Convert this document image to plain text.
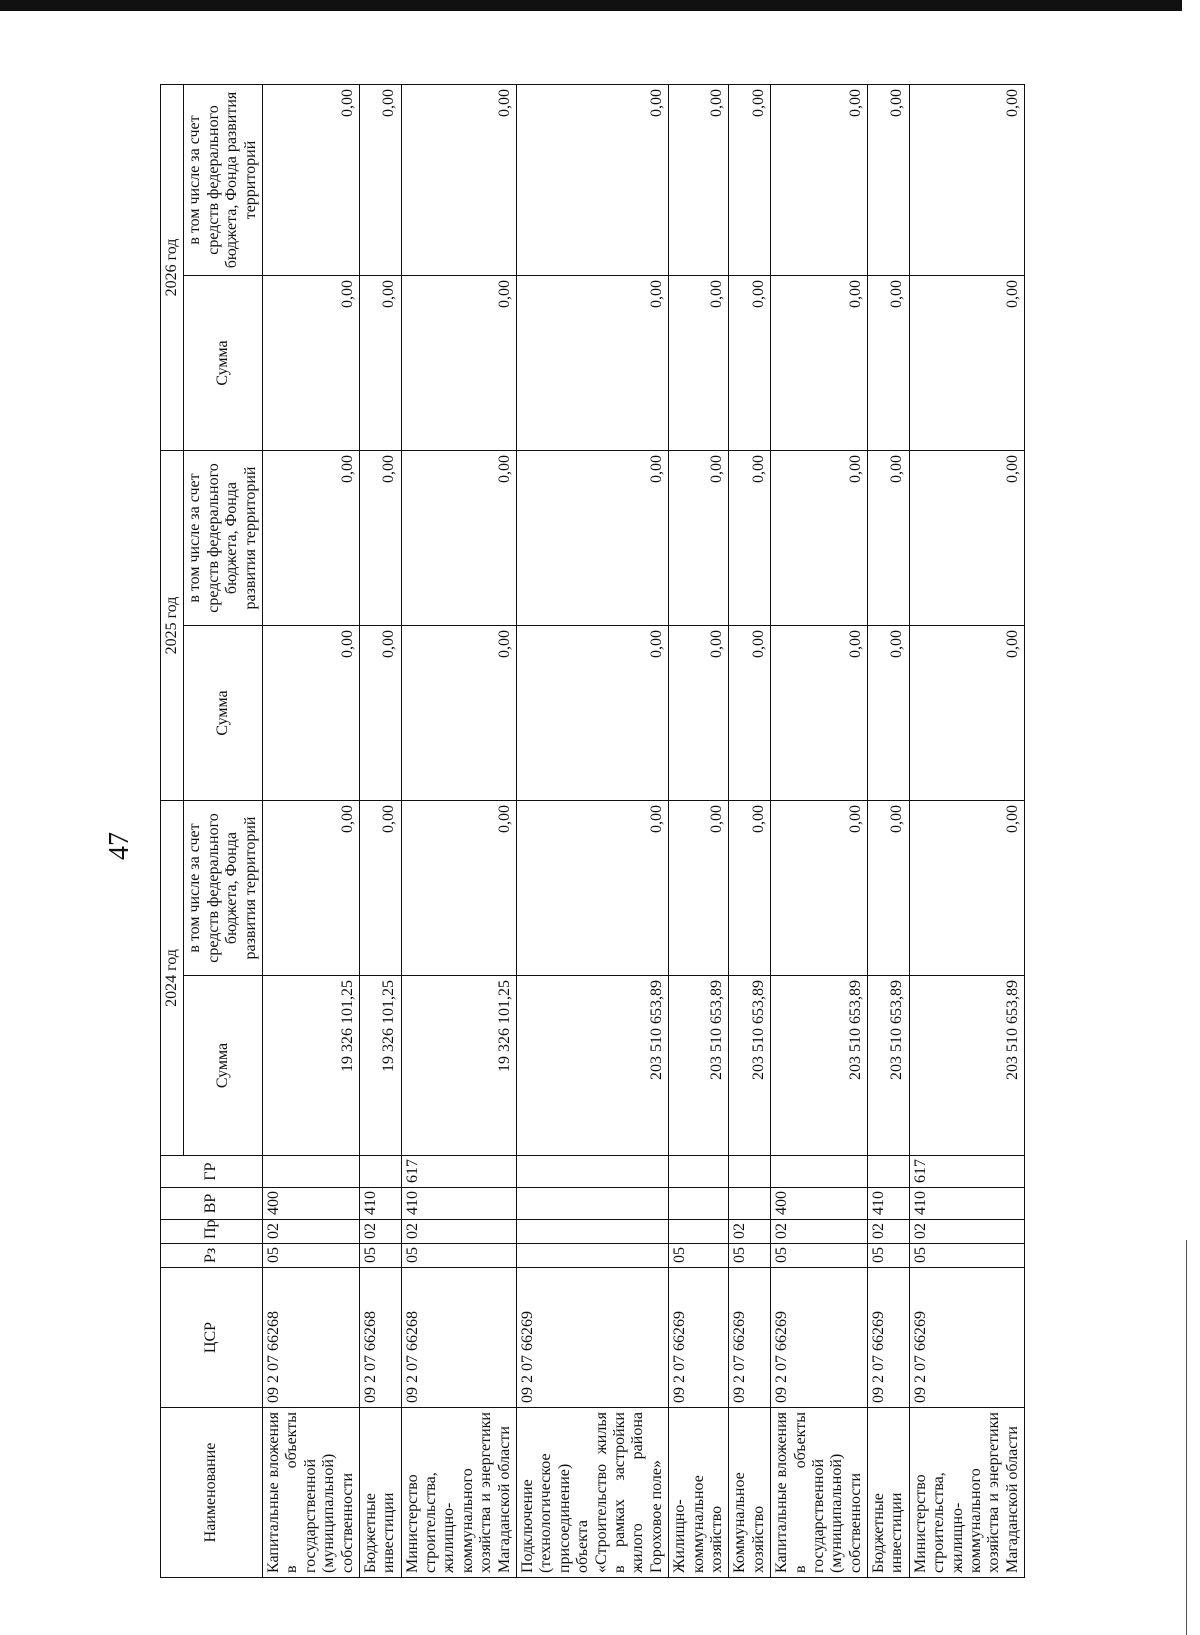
47
Наименование	ЦСР	Рз	Пр	ВР	ГР	2024 год		2025 год		2026 год	
						Сумма	в том числе за счет средств федерального бюджета, Фонда развития территорий	Сумма	в том числе за счет средств федерального бюджета, Фонда развития территорий	Сумма	в том числе за счет средств федерального бюджета, Фонда развития территорий
Капитальные вложения в объекты государственной (муниципальной) собственности	09 2 07 66268	05	02	400		19 326 101,25	0,00	0,00	0,00	0,00	0,00
Бюджетные инвестиции	09 2 07 66268	05	02	410		19 326 101,25	0,00	0,00	0,00	0,00	0,00
Министерство строительства, жилищно-коммунального хозяйства и энергетики Магаданской области	09 2 07 66268	05	02	410	617	19 326 101,25	0,00	0,00	0,00	0,00	0,00
Подключение (технологическое присоединение) объекта «Строительство жилья в рамках застройки жилого района Гороховое поле»	09 2 07 66269					203 510 653,89	0,00	0,00	0,00	0,00	0,00
Жилищно-коммунальное хозяйство	09 2 07 66269	05				203 510 653,89	0,00	0,00	0,00	0,00	0,00
Коммунальное хозяйство	09 2 07 66269	05	02			203 510 653,89	0,00	0,00	0,00	0,00	0,00
Капитальные вложения в объекты государственной (муниципальной) собственности	09 2 07 66269	05	02	400		203 510 653,89	0,00	0,00	0,00	0,00	0,00
Бюджетные инвестиции	09 2 07 66269	05	02	410		203 510 653,89	0,00	0,00	0,00	0,00	0,00
Министерство строительства, жилищно-коммунального хозяйства и энергетики Магаданской области	09 2 07 66269	05	02	410	617	203 510 653,89	0,00	0,00	0,00	0,00	0,00
